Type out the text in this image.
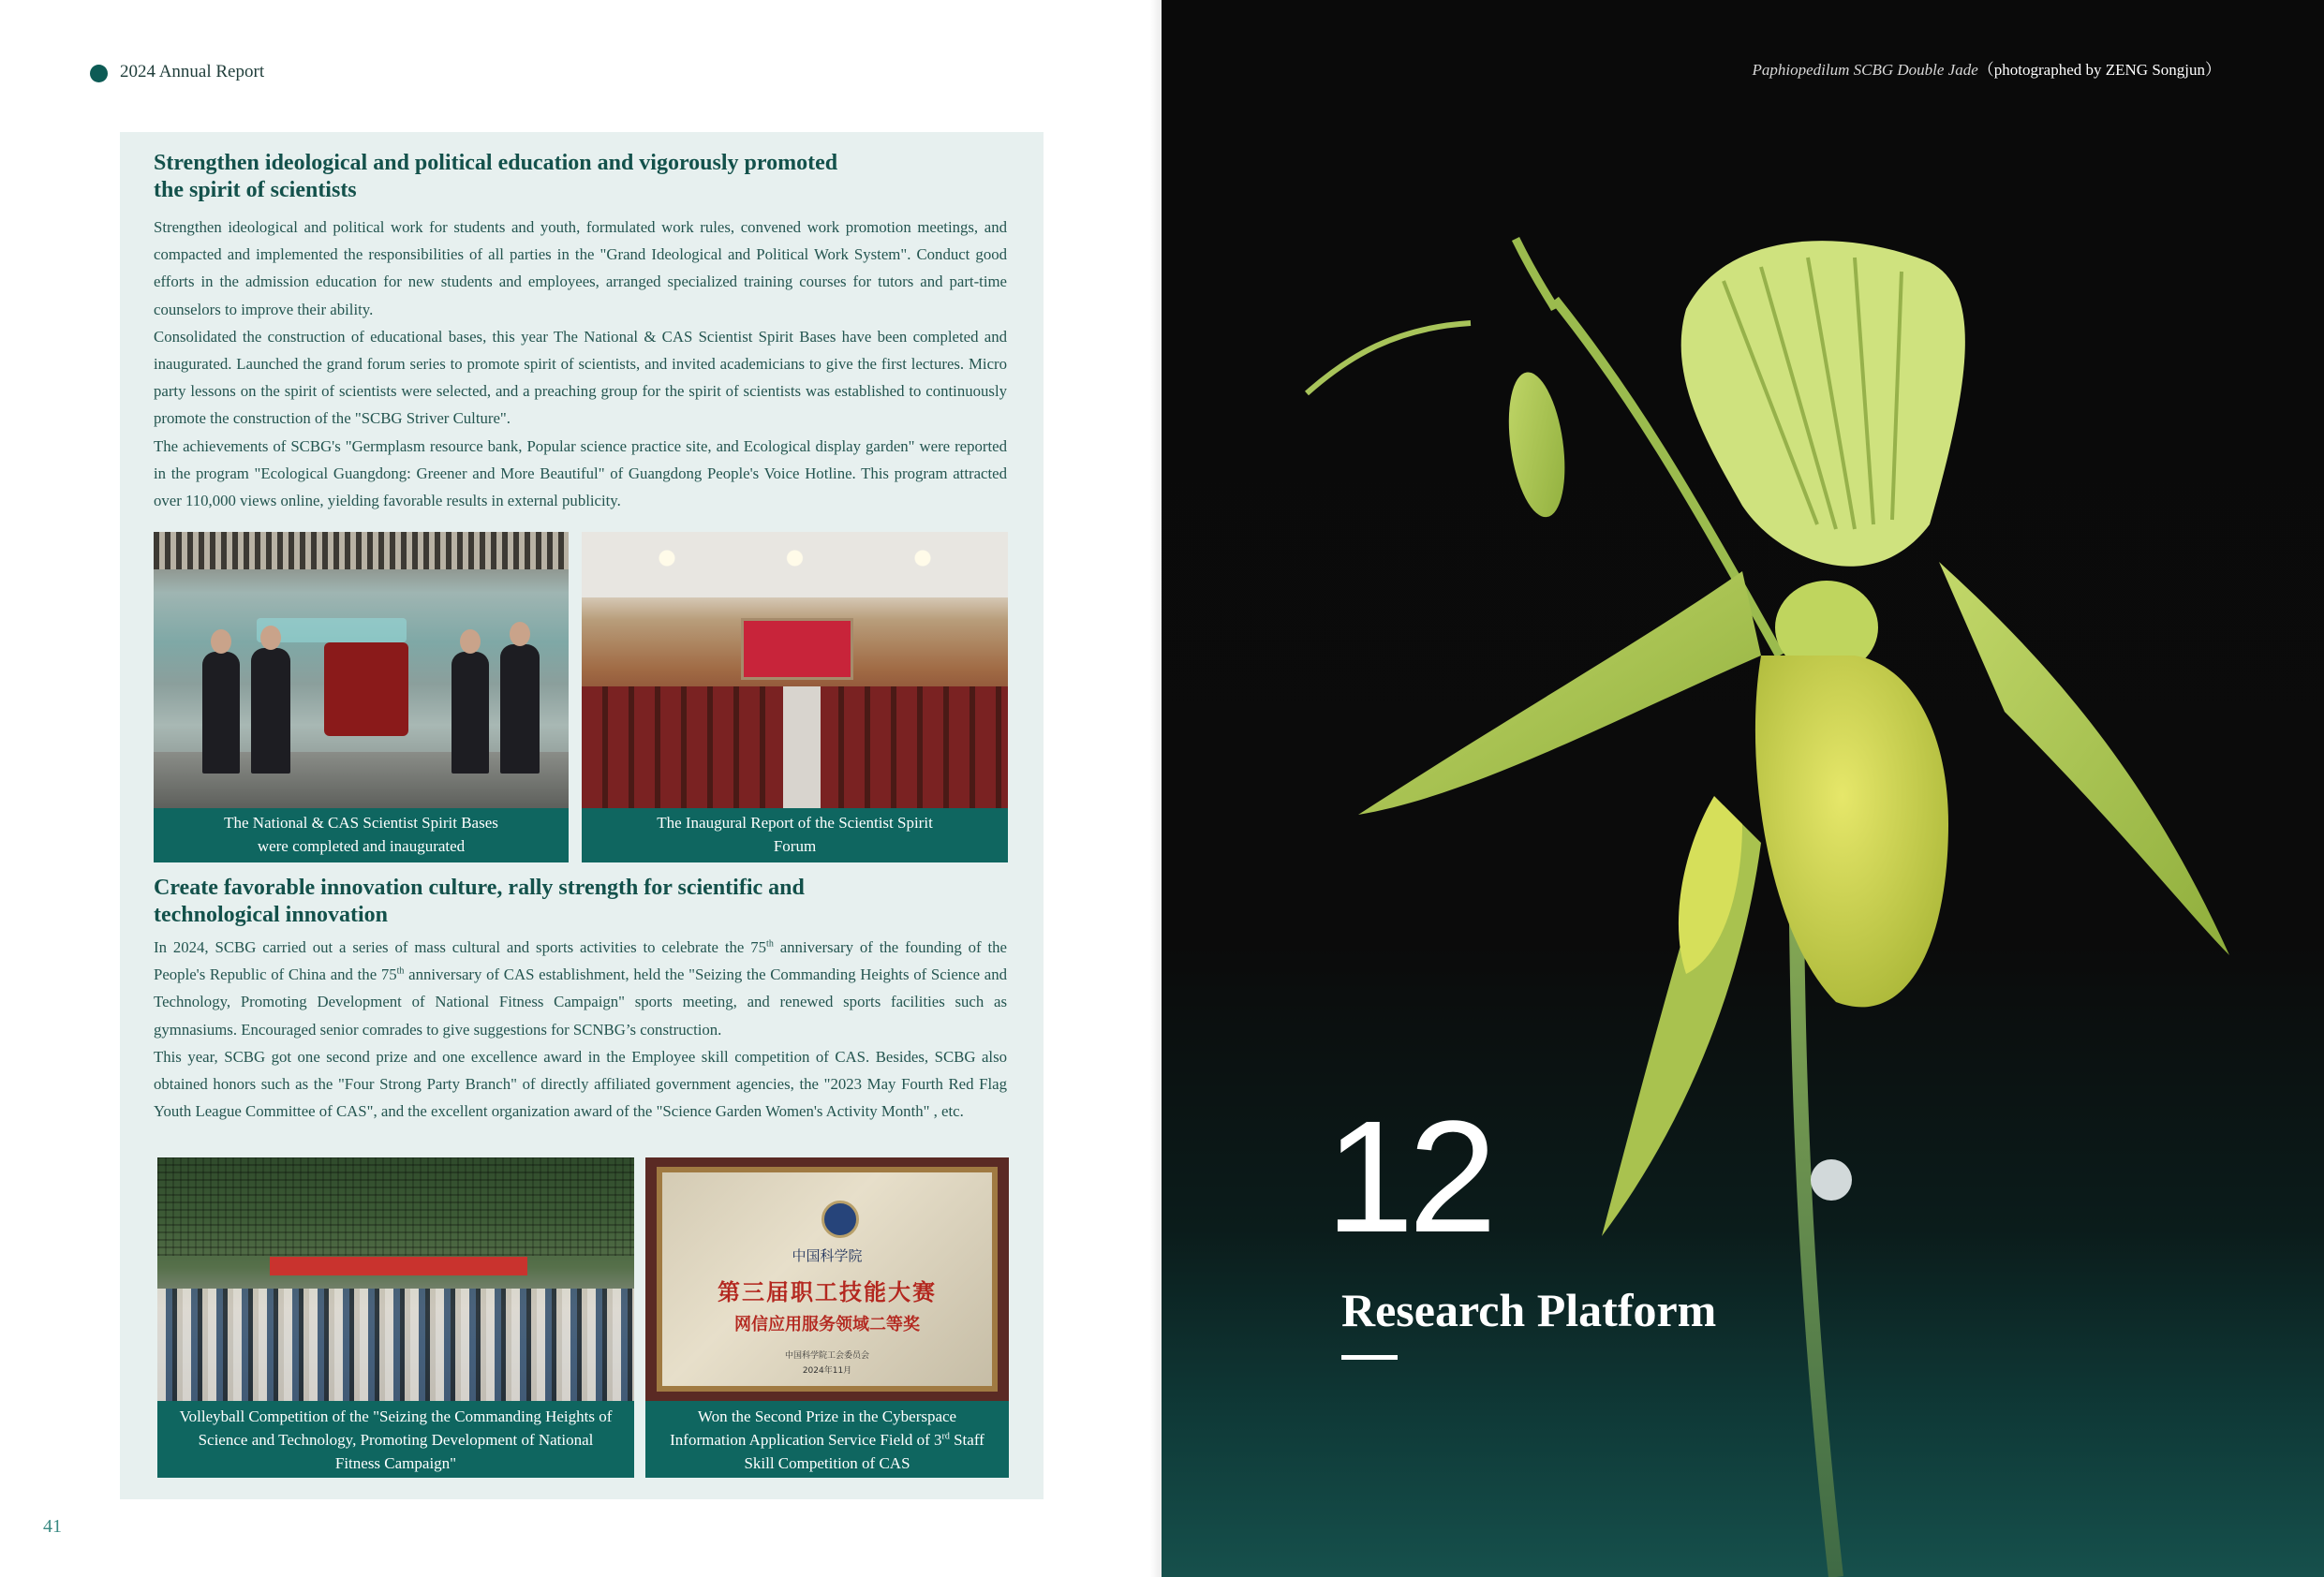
2024 Annual Report
Strengthen ideological and political education and vigorously promoted the spirit of scientists

Strengthen ideological and political work for students and youth, formulated work rules, convened work promotion meetings, and compacted and implemented the responsibilities of all parties in the "Grand Ideological and Political Work System". Conduct good efforts in the admission education for new students and employees, arranged specialized training courses for tutors and part-time counselors to improve their ability.

Consolidated the construction of educational bases, this year The National & CAS Scientist Spirit Bases have been completed and inaugurated. Launched the grand forum series to promote spirit of scientists, and invited academicians to give the first lectures. Micro party lessons on the spirit of scientists were selected, and a preaching group for the spirit of scientists was established to continuously promote the construction of the "SCBG Striver Culture".

The achievements of SCBG's "Germplasm resource bank, Popular science practice site, and Ecological display garden" were reported in the program "Ecological Guangdong: Greener and More Beautiful" of Guangdong People's Voice Hotline. This program attracted over 110,000 views online, yielding favorable results in external publicity.

The National & CAS Scientist Spirit Bases were completed and inaugurated
The Inaugural Report of the Scientist Spirit Forum
Create favorable innovation culture, rally strength for scientific and technological innovation

In 2024, SCBG carried out a series of mass cultural and sports activities to celebrate the 75th anniversary of the founding of the People's Republic of China and the 75th anniversary of CAS establishment, held the "Seizing the Commanding Heights of Science and Technology, Promoting Development of National Fitness Campaign" sports meeting, and renewed sports facilities such as gymnasiums. Encouraged senior comrades to give suggestions for SCNBG’s construction.

This year, SCBG got one second prize and one excellence award in the Employee skill competition of CAS. Besides, SCBG also obtained honors such as the "Four Strong Party Branch" of directly affiliated government agencies, the "2023 May Fourth Red Flag Youth League Committee of CAS", and the excellent organization award of the "Science Garden Women's Activity Month" , etc.

Volleyball Competition of the "Seizing the Commanding Heights of Science and Technology, Promoting Development of National Fitness Campaign"
中国科学院
第三届职工技能大赛
网信应用服务领域二等奖
中国科学院工会委员会
2024年11月
Won the Second Prize in the Cyberspace Information Application Service Field of 3rd Staff Skill Competition of CAS
41
Paphiopedilum SCBG Double Jade（photographed by ZENG Songjun）
12
Research Platform
